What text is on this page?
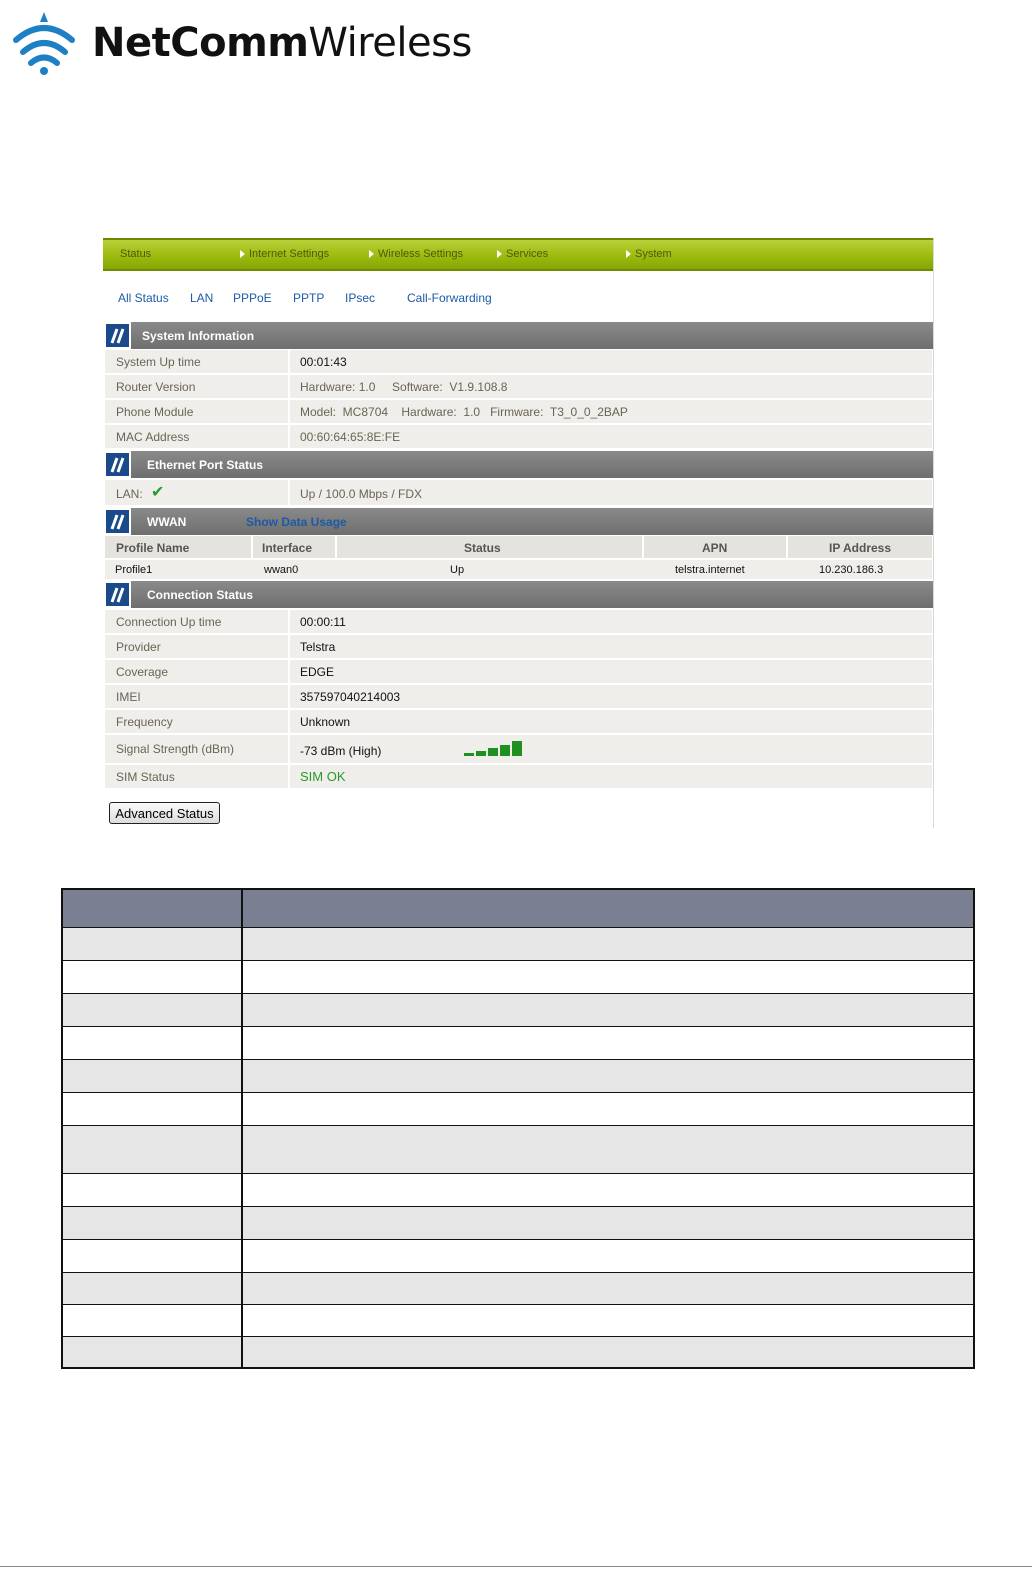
NetCommWireless
Status	Internet Settings	Wireless Settings	Services	System
All Status LAN PPPoE PPTP IPsec	Call-Forwarding
System Information
System Up time	00:01:43
Router Version	Hardware: 1.0     Software:  V1.9.108.8
Phone Module	Model:  MC8704    Hardware:  1.0   Firmware:  T3_0_0_2BAP
MAC Address	00:60:64:65:8E:FE
Ethernet Port Status
LAN: ✔	Up / 100.0 Mbps / FDX
WWAN	Show Data Usage
Profile Name	Interface	Status	APN	IP Address
Profile1	wwan0	Up	telstra.internet	10.230.186.3
Connection Status
Connection Up time	00:00:11
Provider	Telstra
Coverage	EDGE
IMEI	357597040214003
Frequency	Unknown
Signal Strength (dBm)	-73 dBm (High)
SIM Status	SIM OK
Advanced Status
